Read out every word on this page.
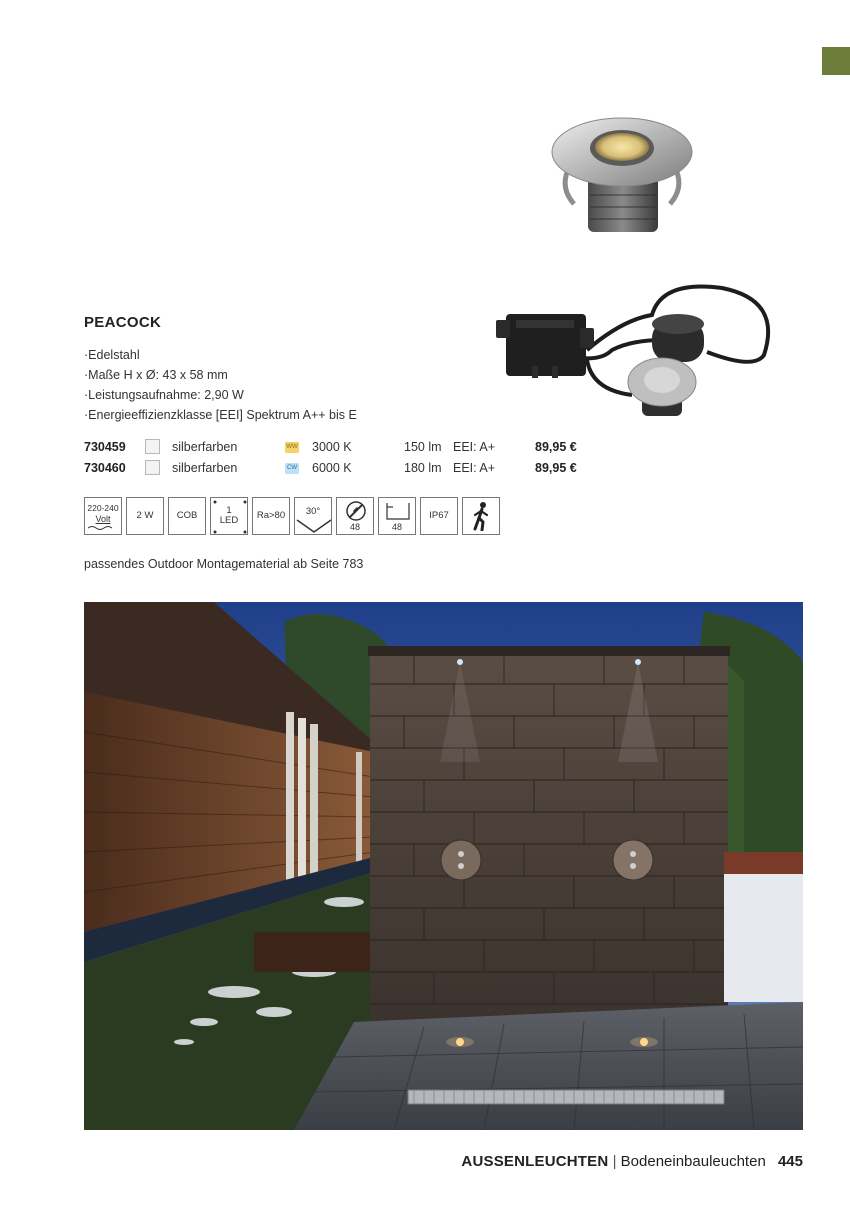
PEACOCK
· Edelstahl
· Maße H x Ø: 43 x 58 mm
· Leistungsaufnahme: 2,90 W
· Energieeffizienzklasse [EEI] Spektrum A++ bis E
730459	silberfarben	WW 3000 K	150 lm EEI: A+	89,95 €
730460	silberfarben	CW 6000 K	180 lm EEI: A+	89,95 €
220-240
Volt	2 W COB	1
LED Ra>80 30°
48	48
IP67
passendes Outdoor Montagematerial ab Seite 783
AUSSENLEUCHTEN | Bodeneinbauleuchten 445
